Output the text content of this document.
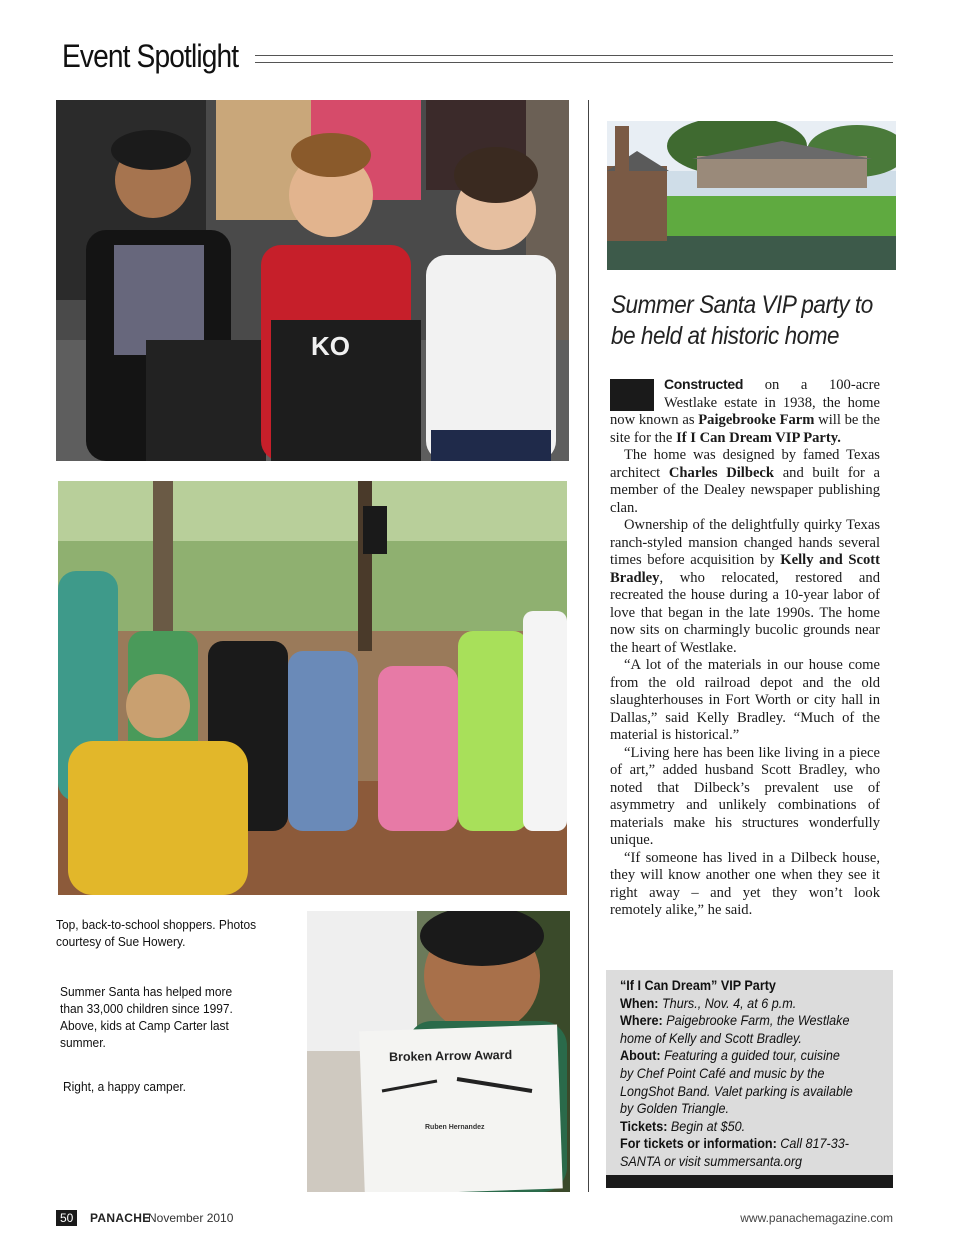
Event Spotlight
KO
Broken Arrow Award
Ruben Hernandez
Top, back-to-school shoppers. Photos courtesy of Sue Howery.
Summer Santa has helped more than 33,000 children since 1997. Above, kids at Camp Carter last summer.
Right, a happy camper.
Summer Santa VIP party to be held at historic home

Constructed on a 100-acre Westlake estate in 1938, the home now known as Paigebrooke Farm will be the site for the If I Can Dream VIP Party.

The home was designed by famed Texas architect Charles Dilbeck and built for a member of the Dealey newspaper publishing clan.

Ownership of the delightfully quirky Texas ranch-styled mansion changed hands several times before acquisition by Kelly and Scott Bradley, who relocated, restored and recreated the house during a 10-year labor of love that began in the late 1990s. The home now sits on charmingly bucolic grounds near the heart of Westlake.

“A lot of the materials in our house come from the old railroad depot and the old slaughterhouses in Fort Worth or city hall in Dallas,” said Kelly Bradley. “Much of the material is historical.”

“Living here has been like living in a piece of art,” added husband Scott Bradley, who noted that Dilbeck’s prevalent use of asymmetry and unlikely combinations of materials make his structures wonderfully unique.

“If someone has lived in a Dilbeck house, they will know another one when they see it right away – and yet they won’t look remotely alike,” he said.

“If I Can Dream” VIP Party
When: Thurs., Nov. 4, at 6 p.m.
Where: Paigebrooke Farm, the Westlake home of Kelly and Scott Bradley.
About: Featuring a guided tour, cuisine by Chef Point Café and music by the LongShot Band. Valet parking is available by Golden Triangle.
Tickets: Begin at $50.
For tickets or information: Call 817-33-SANTA or visit summersanta.org
50	PANACHE
November 2010	www.panachemagazine.com
